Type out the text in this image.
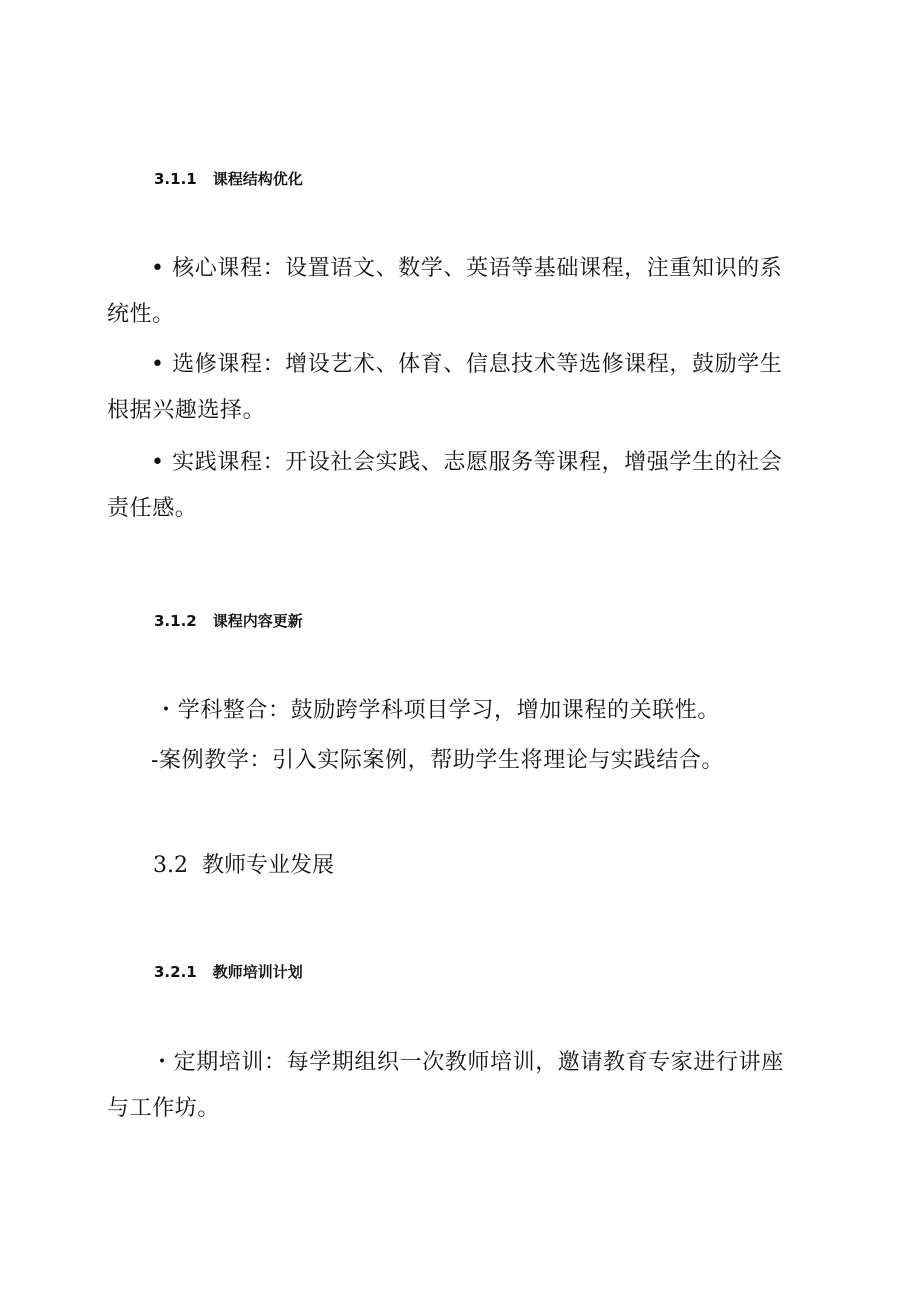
3.1.1 课程结构优化

• 核心课程：设置语文、数学、英语等基础课程，注重知识的系
统性。

• 选修课程：增设艺术、体育、信息技术等选修课程，鼓励学生
根据兴趣选择。

• 实践课程：开设社会实践、志愿服务等课程，增强学生的社会
责任感。

3.1.2 课程内容更新

・学科整合：鼓励跨学科项目学习，增加课程的关联性。

-案例教学：引入实际案例，帮助学生将理论与实践结合。

3.2 教师专业发展
3.2.1 教师培训计划

・定期培训：每学期组织一次教师培训，邀请教育专家进行讲座
与工作坊。
